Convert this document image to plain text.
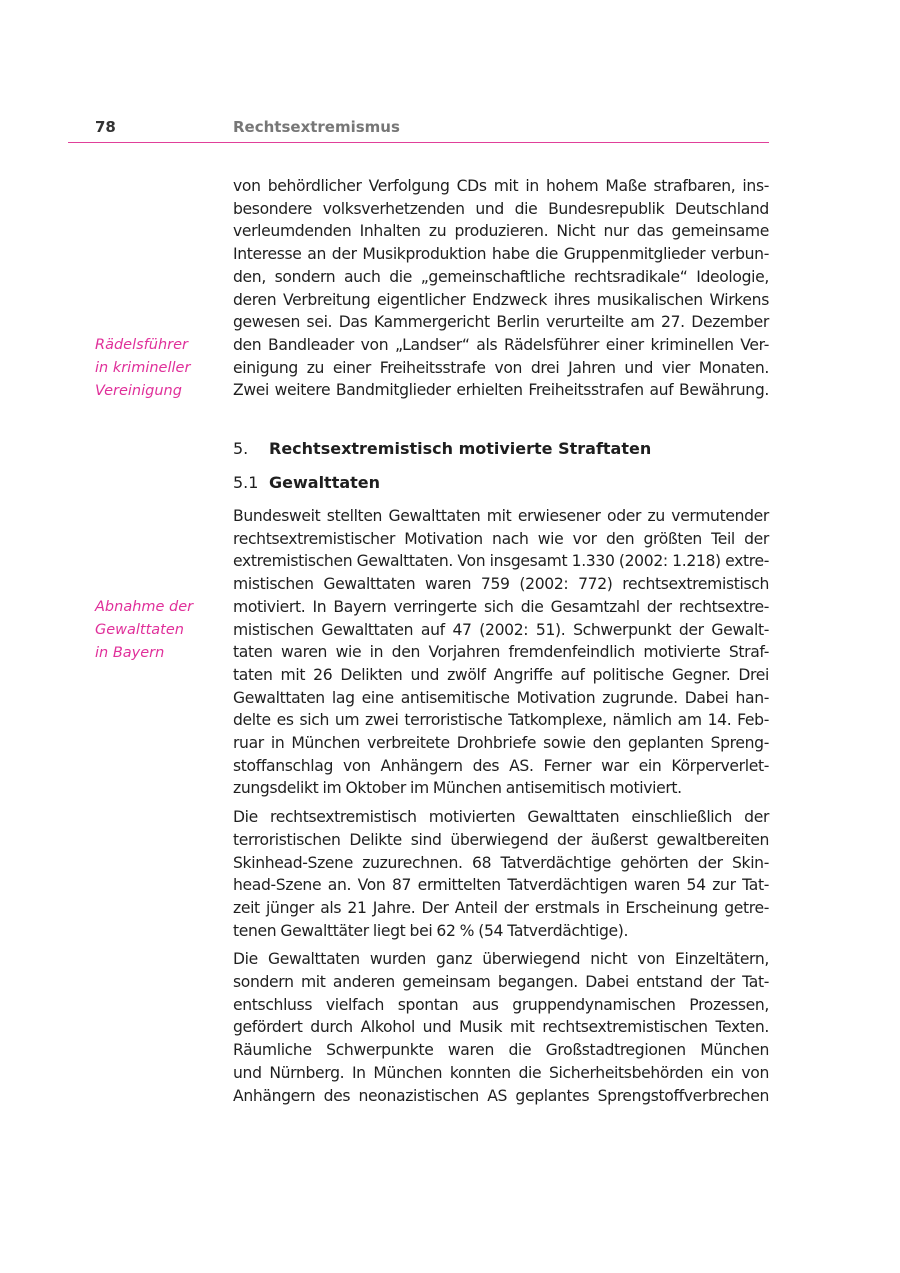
78	Rechtsextremismus
Rädelsführer
in krimineller
Vereinigung
Abnahme der
Gewalttaten
in Bayern

von behördlicher Verfolgung CDs mit in hohem Maße strafbaren, ins-
besondere volksverhetzenden und die Bundesrepublik Deutschland
verleumdenden Inhalten zu produzieren. Nicht nur das gemeinsame
Interesse an der Musikproduktion habe die Gruppenmitglieder verbun-
den, sondern auch die „gemeinschaftliche rechtsradikale“ Ideologie,
deren Verbreitung eigentlicher Endzweck ihres musikalischen Wirkens
gewesen sei. Das Kammergericht Berlin verurteilte am 27. Dezember
den Bandleader von „Landser“ als Rädelsführer einer kriminellen Ver-
einigung zu einer Freiheitsstrafe von drei Jahren und vier Monaten.
Zwei weitere Bandmitglieder erhielten Freiheitsstrafen auf Bewährung.

5. Rechtsextremistisch motivierte Straftaten

5.1 Gewalttaten

Bundesweit stellten Gewalttaten mit erwiesener oder zu vermutender
rechtsextremistischer Motivation nach wie vor den größten Teil der
extremistischen Gewalttaten. Von insgesamt 1.330 (2002: 1.218) extre-
mistischen Gewalttaten waren 759 (2002: 772) rechtsextremistisch
motiviert. In Bayern verringerte sich die Gesamtzahl der rechtsextre-
mistischen Gewalttaten auf 47 (2002: 51). Schwerpunkt der Gewalt-
taten waren wie in den Vorjahren fremdenfeindlich motivierte Straf-
taten mit 26 Delikten und zwölf Angriffe auf politische Gegner. Drei
Gewalttaten lag eine antisemitische Motivation zugrunde. Dabei han-
delte es sich um zwei terroristische Tatkomplexe, nämlich am 14. Feb-
ruar in München verbreitete Drohbriefe sowie den geplanten Spreng-
stoffanschlag von Anhängern des AS. Ferner war ein Körperverlet-
zungsdelikt im Oktober im München antisemitisch motiviert.

Die rechtsextremistisch motivierten Gewalttaten einschließlich der
terroristischen Delikte sind überwiegend der äußerst gewaltbereiten
Skinhead-Szene zuzurechnen. 68 Tatverdächtige gehörten der Skin-
head-Szene an. Von 87 ermittelten Tatverdächtigen waren 54 zur Tat-
zeit jünger als 21 Jahre. Der Anteil der erstmals in Erscheinung getre-
tenen Gewalttäter liegt bei 62 % (54 Tatverdächtige).

Die Gewalttaten wurden ganz überwiegend nicht von Einzeltätern,
sondern mit anderen gemeinsam begangen. Dabei entstand der Tat-
entschluss vielfach spontan aus gruppendynamischen Prozessen,
gefördert durch Alkohol und Musik mit rechtsextremistischen Texten.
Räumliche Schwerpunkte waren die Großstadtregionen München
und Nürnberg. In München konnten die Sicherheitsbehörden ein von
Anhängern des neonazistischen AS geplantes Sprengstoffverbrechen
